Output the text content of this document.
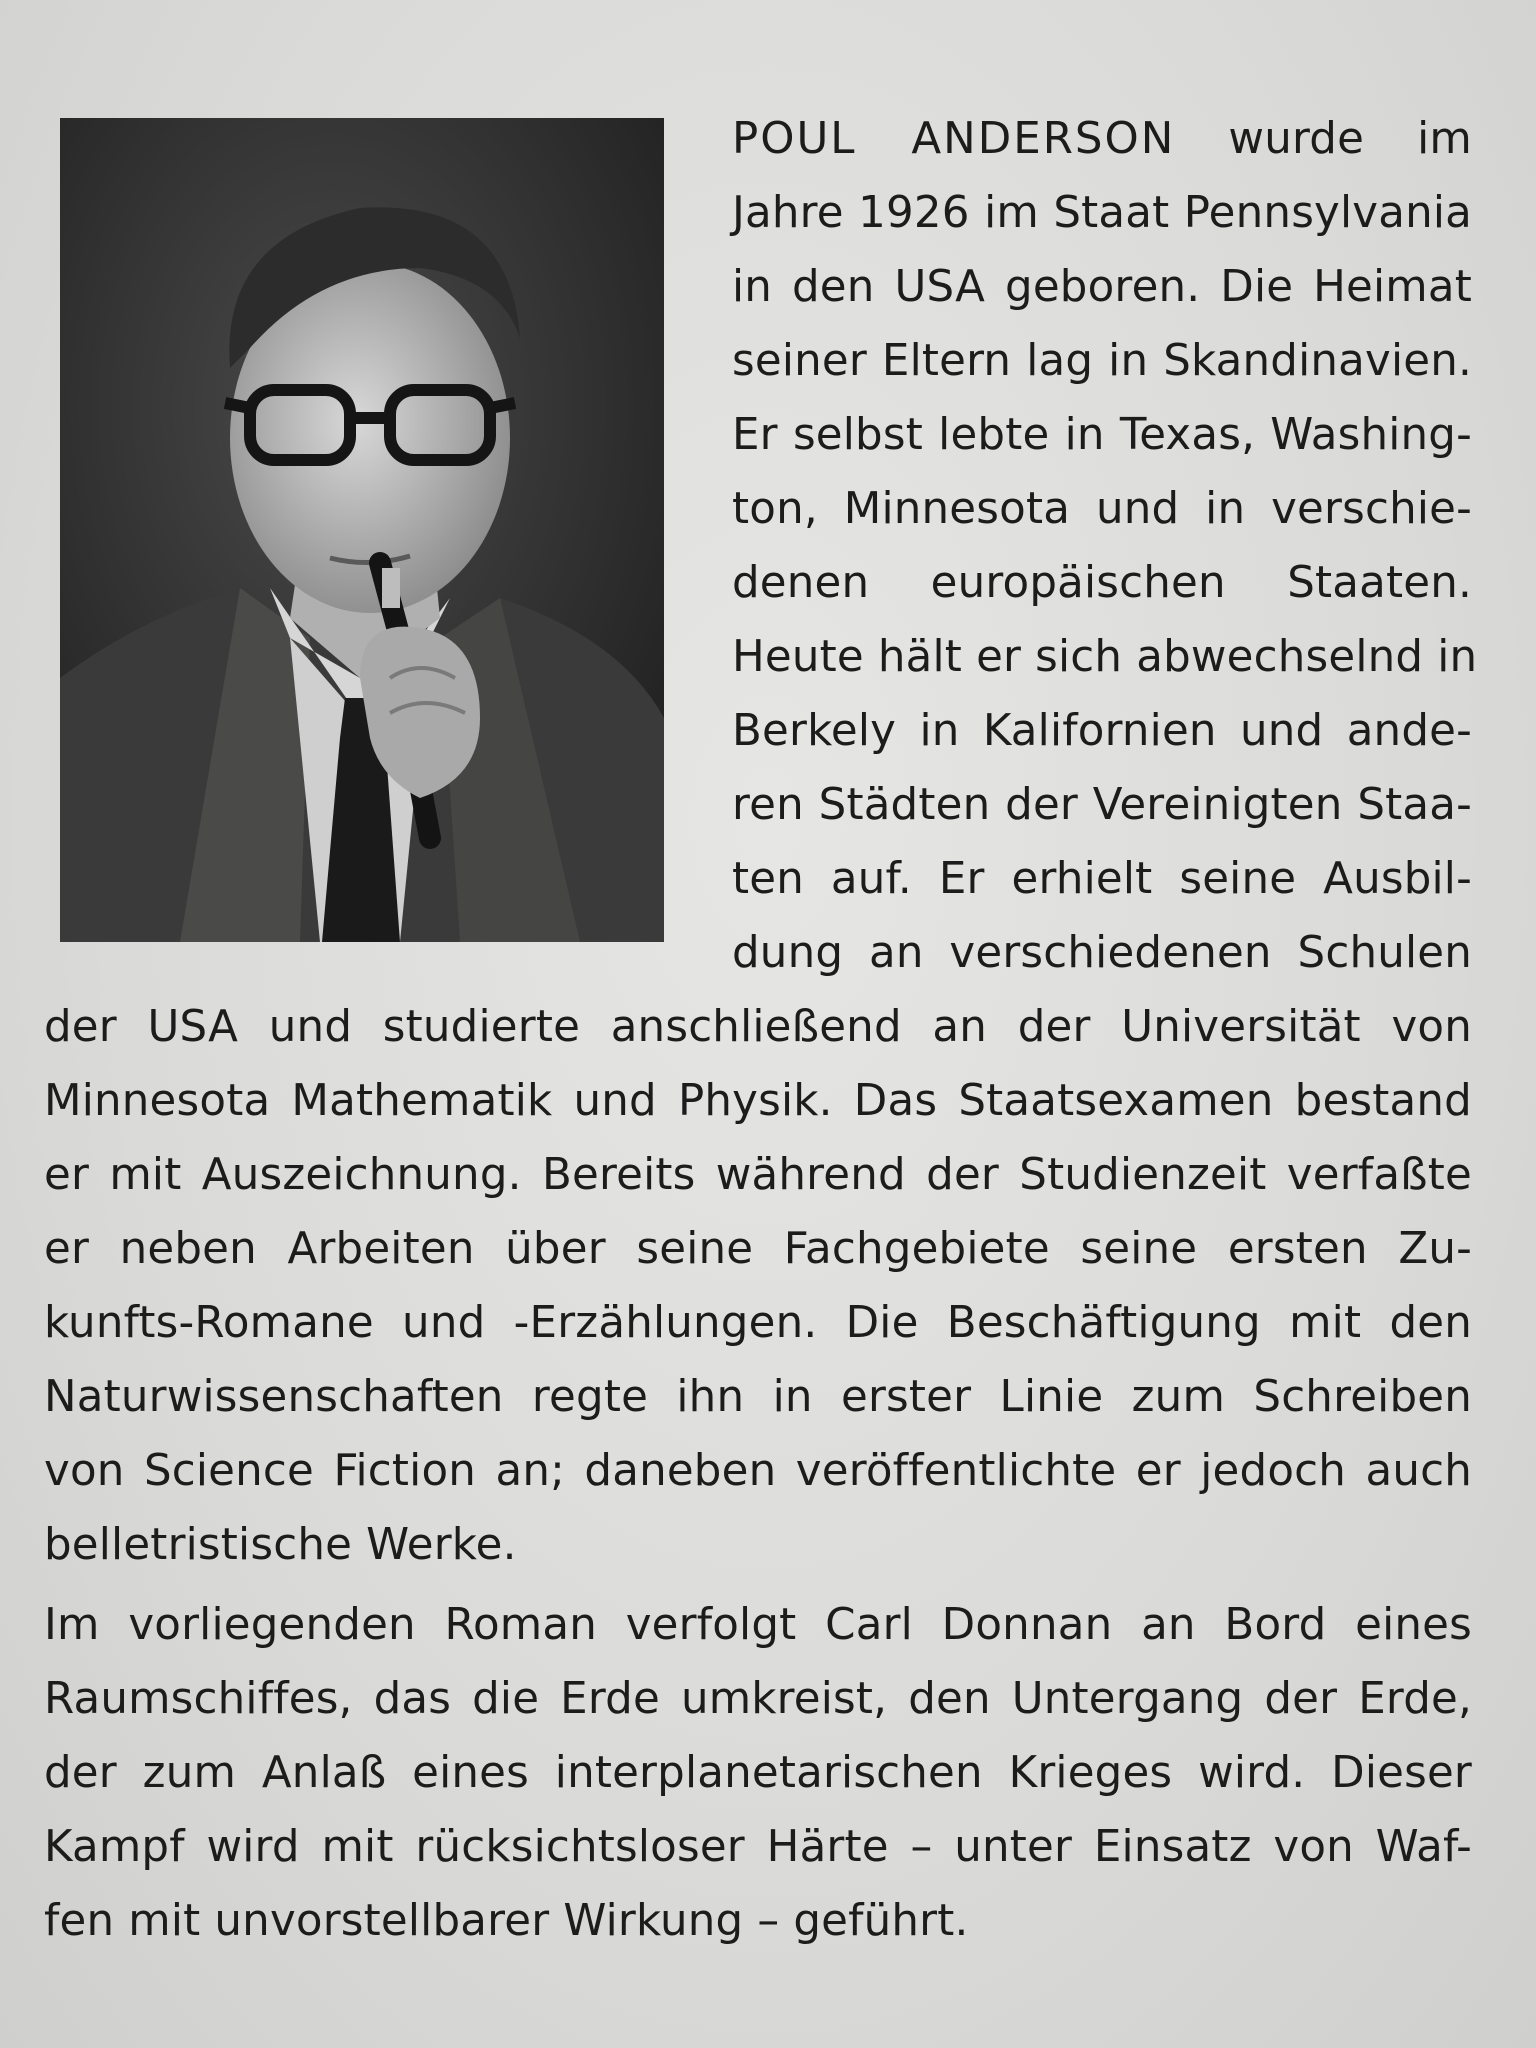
POUL ANDERSON wurde im
Jahre 1926 im Staat Pennsylvania
in den USA geboren. Die Heimat
seiner Eltern lag in Skandinavien.
Er selbst lebte in Texas, Washing-
ton, Minnesota und in verschie-
denen europäischen Staaten.
Heute hält er sich abwechselnd in
Berkely in Kalifornien und ande-
ren Städten der Vereinigten Staa-
ten auf. Er erhielt seine Ausbil-
dung an verschiedenen Schulen
der USA und studierte anschließend an der Universität von
Minnesota Mathematik und Physik. Das Staatsexamen bestand
er mit Auszeichnung. Bereits während der Studienzeit verfaßte
er neben Arbeiten über seine Fachgebiete seine ersten Zu-
kunfts-Romane und -Erzählungen. Die Beschäftigung mit den
Naturwissenschaften regte ihn in erster Linie zum Schreiben
von Science Fiction an; daneben veröffentlichte er jedoch auch
belletristische Werke.
Im vorliegenden Roman verfolgt Carl Donnan an Bord eines
Raumschiffes, das die Erde umkreist, den Untergang der Erde,
der zum Anlaß eines interplanetarischen Krieges wird. Dieser
Kampf wird mit rücksichtsloser Härte – unter Einsatz von Waf-
fen mit unvorstellbarer Wirkung – geführt.
